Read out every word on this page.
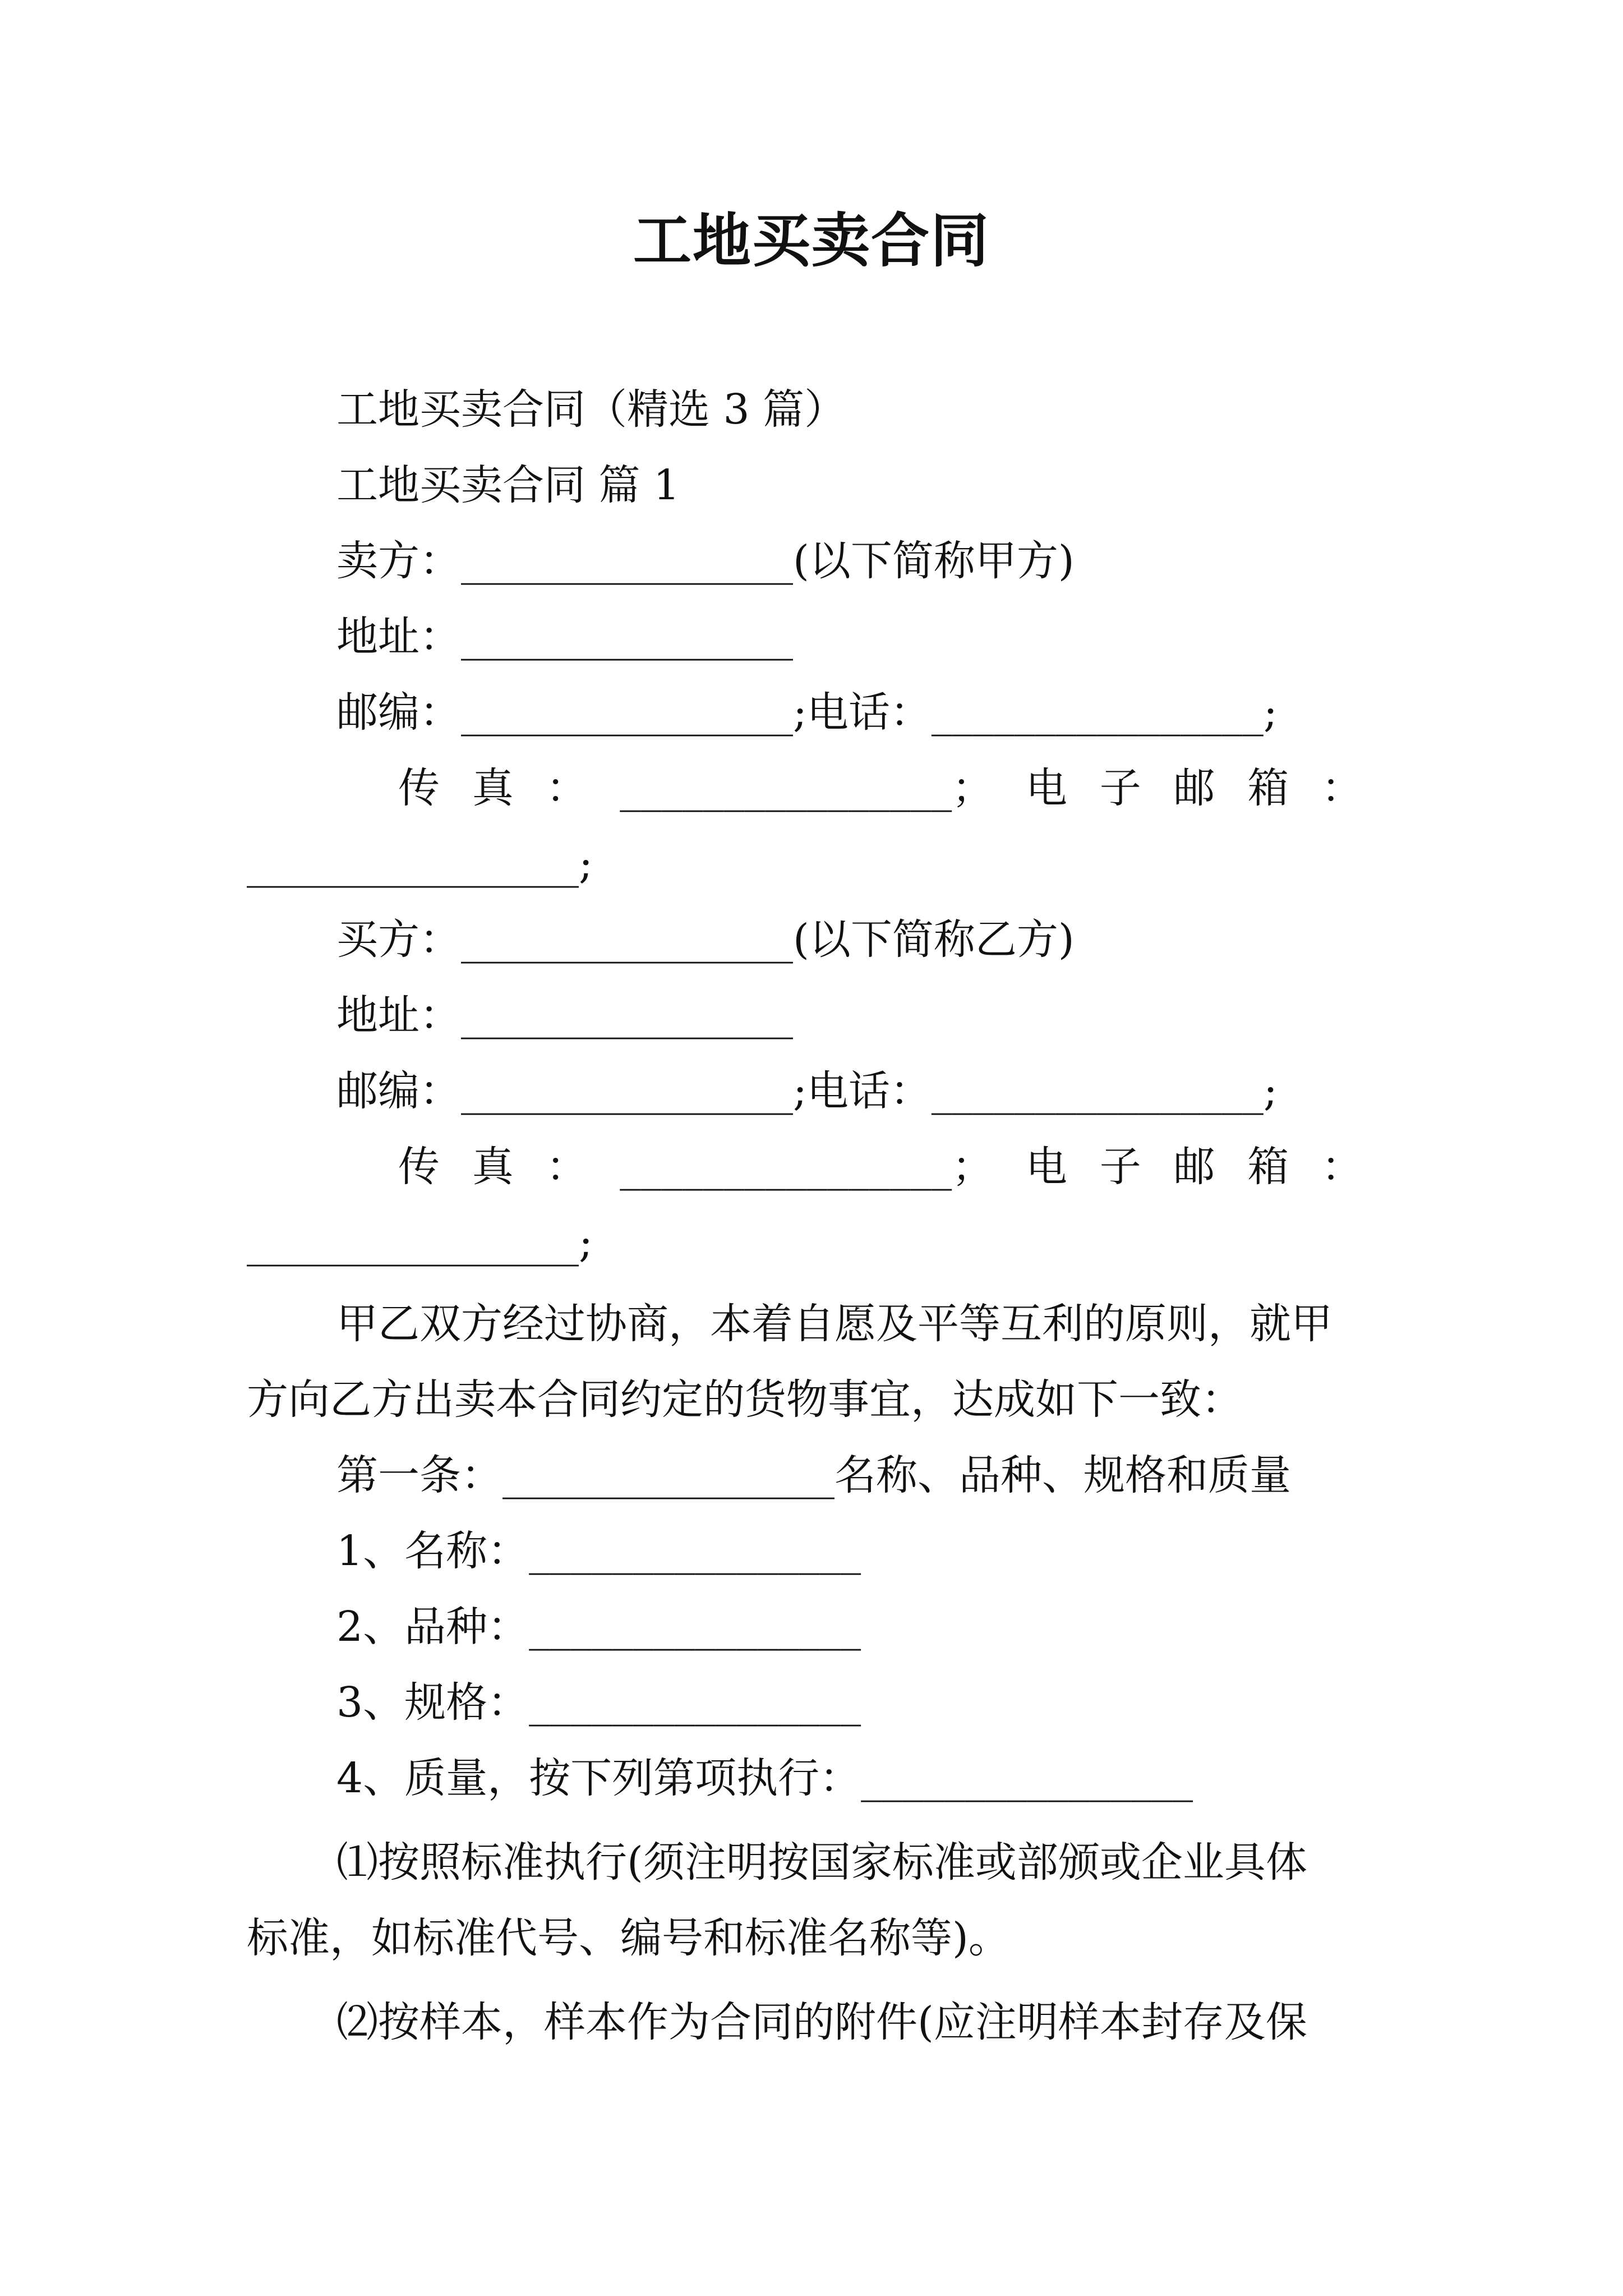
工地买卖合同
工地买卖合同（精选 3 篇）
工地买卖合同 篇 1
卖方：________________(以下简称甲方)
地址：________________
邮编：________________;电话：________________;
传 真 ： ________________； 电 子 邮 箱 ：
________________;
买方：________________(以下简称乙方)
地址：________________
邮编：________________;电话：________________;
传 真 ： ________________； 电 子 邮 箱 ：
________________;
甲乙双方经过协商，本着自愿及平等互利的原则，就甲
方向乙方出卖本合同约定的货物事宜，达成如下一致：
第一条：________________名称、品种、规格和质量
1、名称：________________
2、品种：________________
3、规格：________________
4、质量，按下列第项执行：________________
⑴按照标准执行(须注明按国家标准或部颁或企业具体
标准，如标准代号、编号和标准名称等)。
⑵按样本，样本作为合同的附件(应注明样本封存及保
